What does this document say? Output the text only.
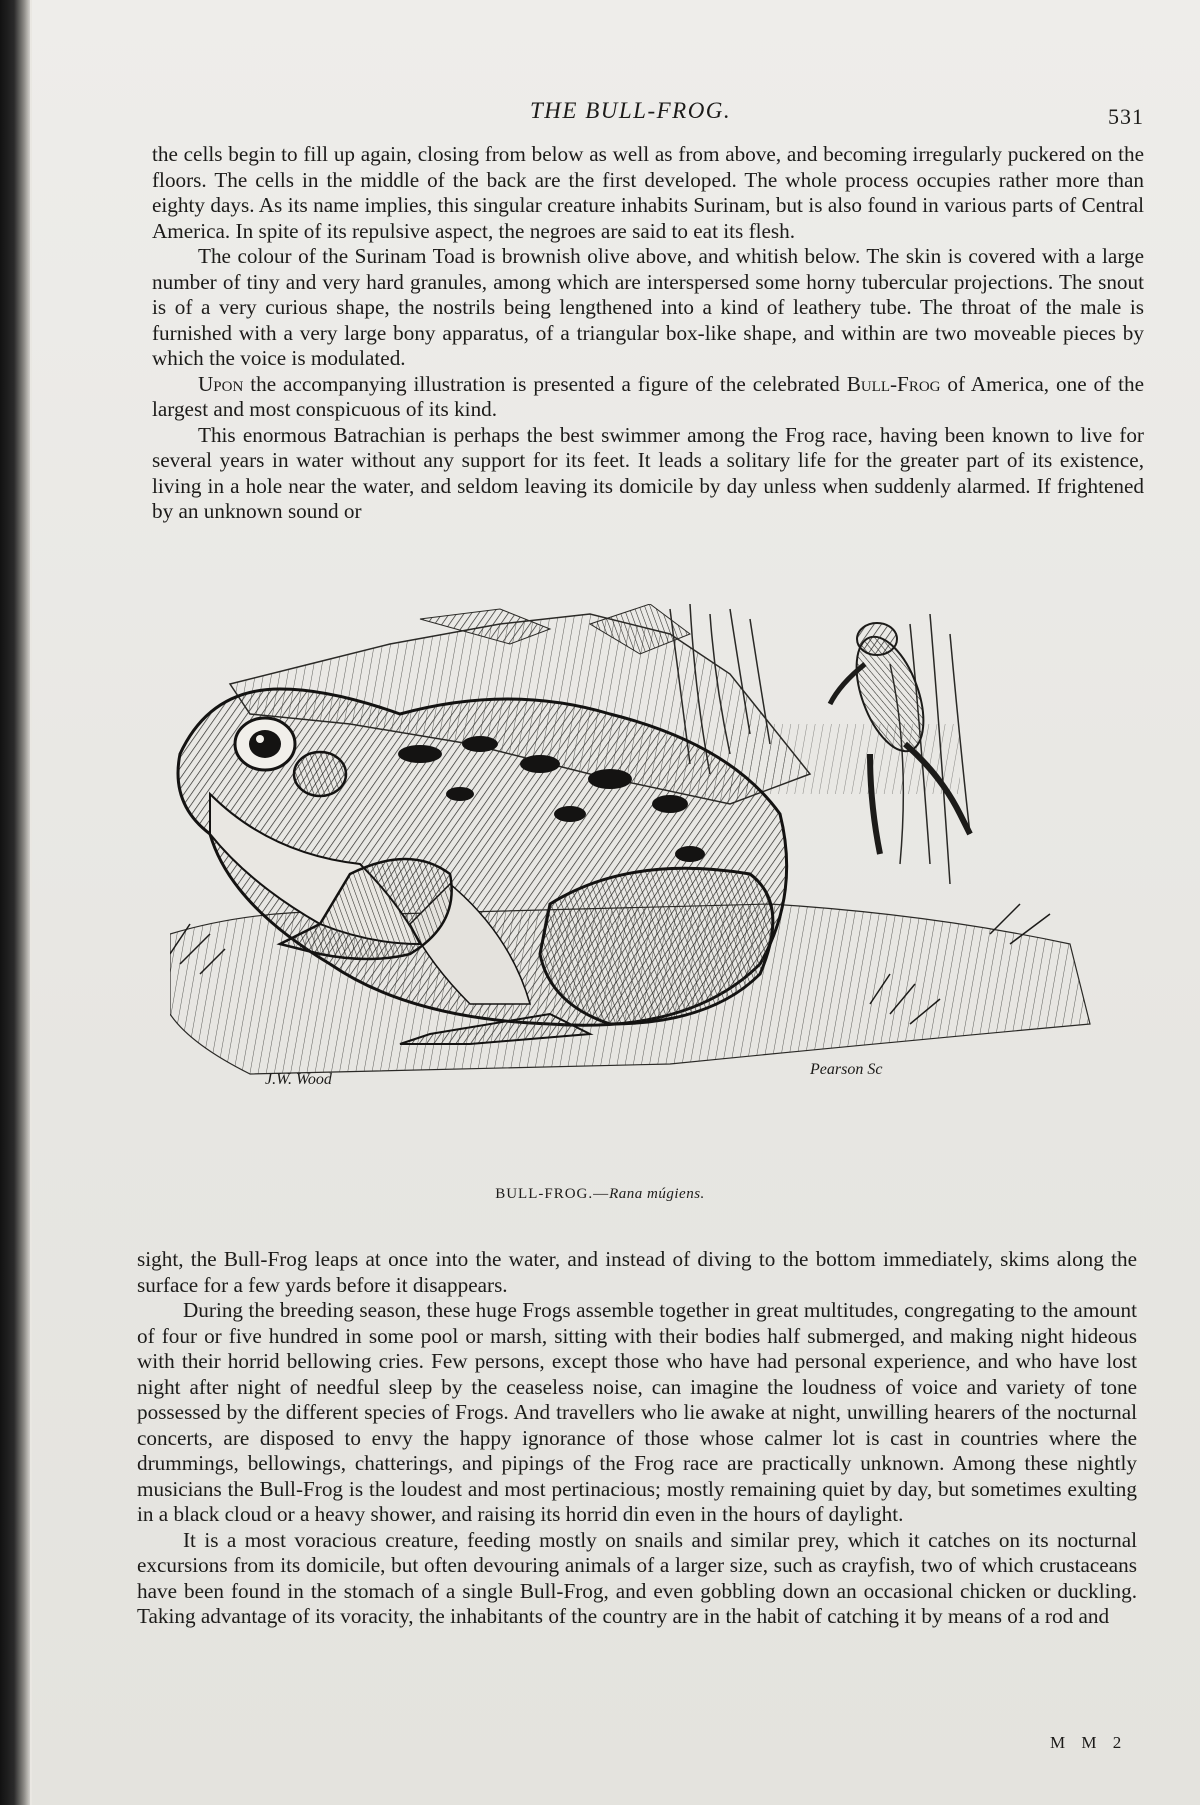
THE BULL-FROG.	531

the cells begin to fill up again, closing from below as well as from above, and becoming irregularly puckered on the floors. The cells in the middle of the back are the first developed. The whole process occupies rather more than eighty days. As its name implies, this singular creature inhabits Surinam, but is also found in various parts of Central America. In spite of its repulsive aspect, the negroes are said to eat its flesh.

The colour of the Surinam Toad is brownish olive above, and whitish below. The skin is covered with a large number of tiny and very hard granules, among which are interspersed some horny tubercular projections. The snout is of a very curious shape, the nostrils being lengthened into a kind of leathery tube. The throat of the male is furnished with a very large bony apparatus, of a triangular box-like shape, and within are two moveable pieces by which the voice is modulated.

Upon the accompanying illustration is presented a figure of the celebrated Bull-Frog of America, one of the largest and most conspicuous of its kind.

This enormous Batrachian is perhaps the best swimmer among the Frog race, having been known to live for several years in water without any support for its feet. It leads a solitary life for the greater part of its existence, living in a hole near the water, and seldom leaving its domicile by day unless when suddenly alarmed. If frightened by an unknown sound or

J.W. Wood
Pearson Sc
BULL-FROG.—Rana múgiens.

sight, the Bull-Frog leaps at once into the water, and instead of diving to the bottom immediately, skims along the surface for a few yards before it disappears.

During the breeding season, these huge Frogs assemble together in great multitudes, congregating to the amount of four or five hundred in some pool or marsh, sitting with their bodies half submerged, and making night hideous with their horrid bellowing cries. Few persons, except those who have had personal experience, and who have lost night after night of needful sleep by the ceaseless noise, can imagine the loudness of voice and variety of tone possessed by the different species of Frogs. And travellers who lie awake at night, unwilling hearers of the nocturnal concerts, are disposed to envy the happy ignorance of those whose calmer lot is cast in countries where the drummings, bellowings, chatterings, and pipings of the Frog race are practically unknown. Among these nightly musicians the Bull-Frog is the loudest and most pertinacious; mostly remaining quiet by day, but sometimes exulting in a black cloud or a heavy shower, and raising its horrid din even in the hours of daylight.

It is a most voracious creature, feeding mostly on snails and similar prey, which it catches on its nocturnal excursions from its domicile, but often devouring animals of a larger size, such as crayfish, two of which crustaceans have been found in the stomach of a single Bull-Frog, and even gobbling down an occasional chicken or duckling. Taking advantage of its voracity, the inhabitants of the country are in the habit of catching it by means of a rod and

M M 2
